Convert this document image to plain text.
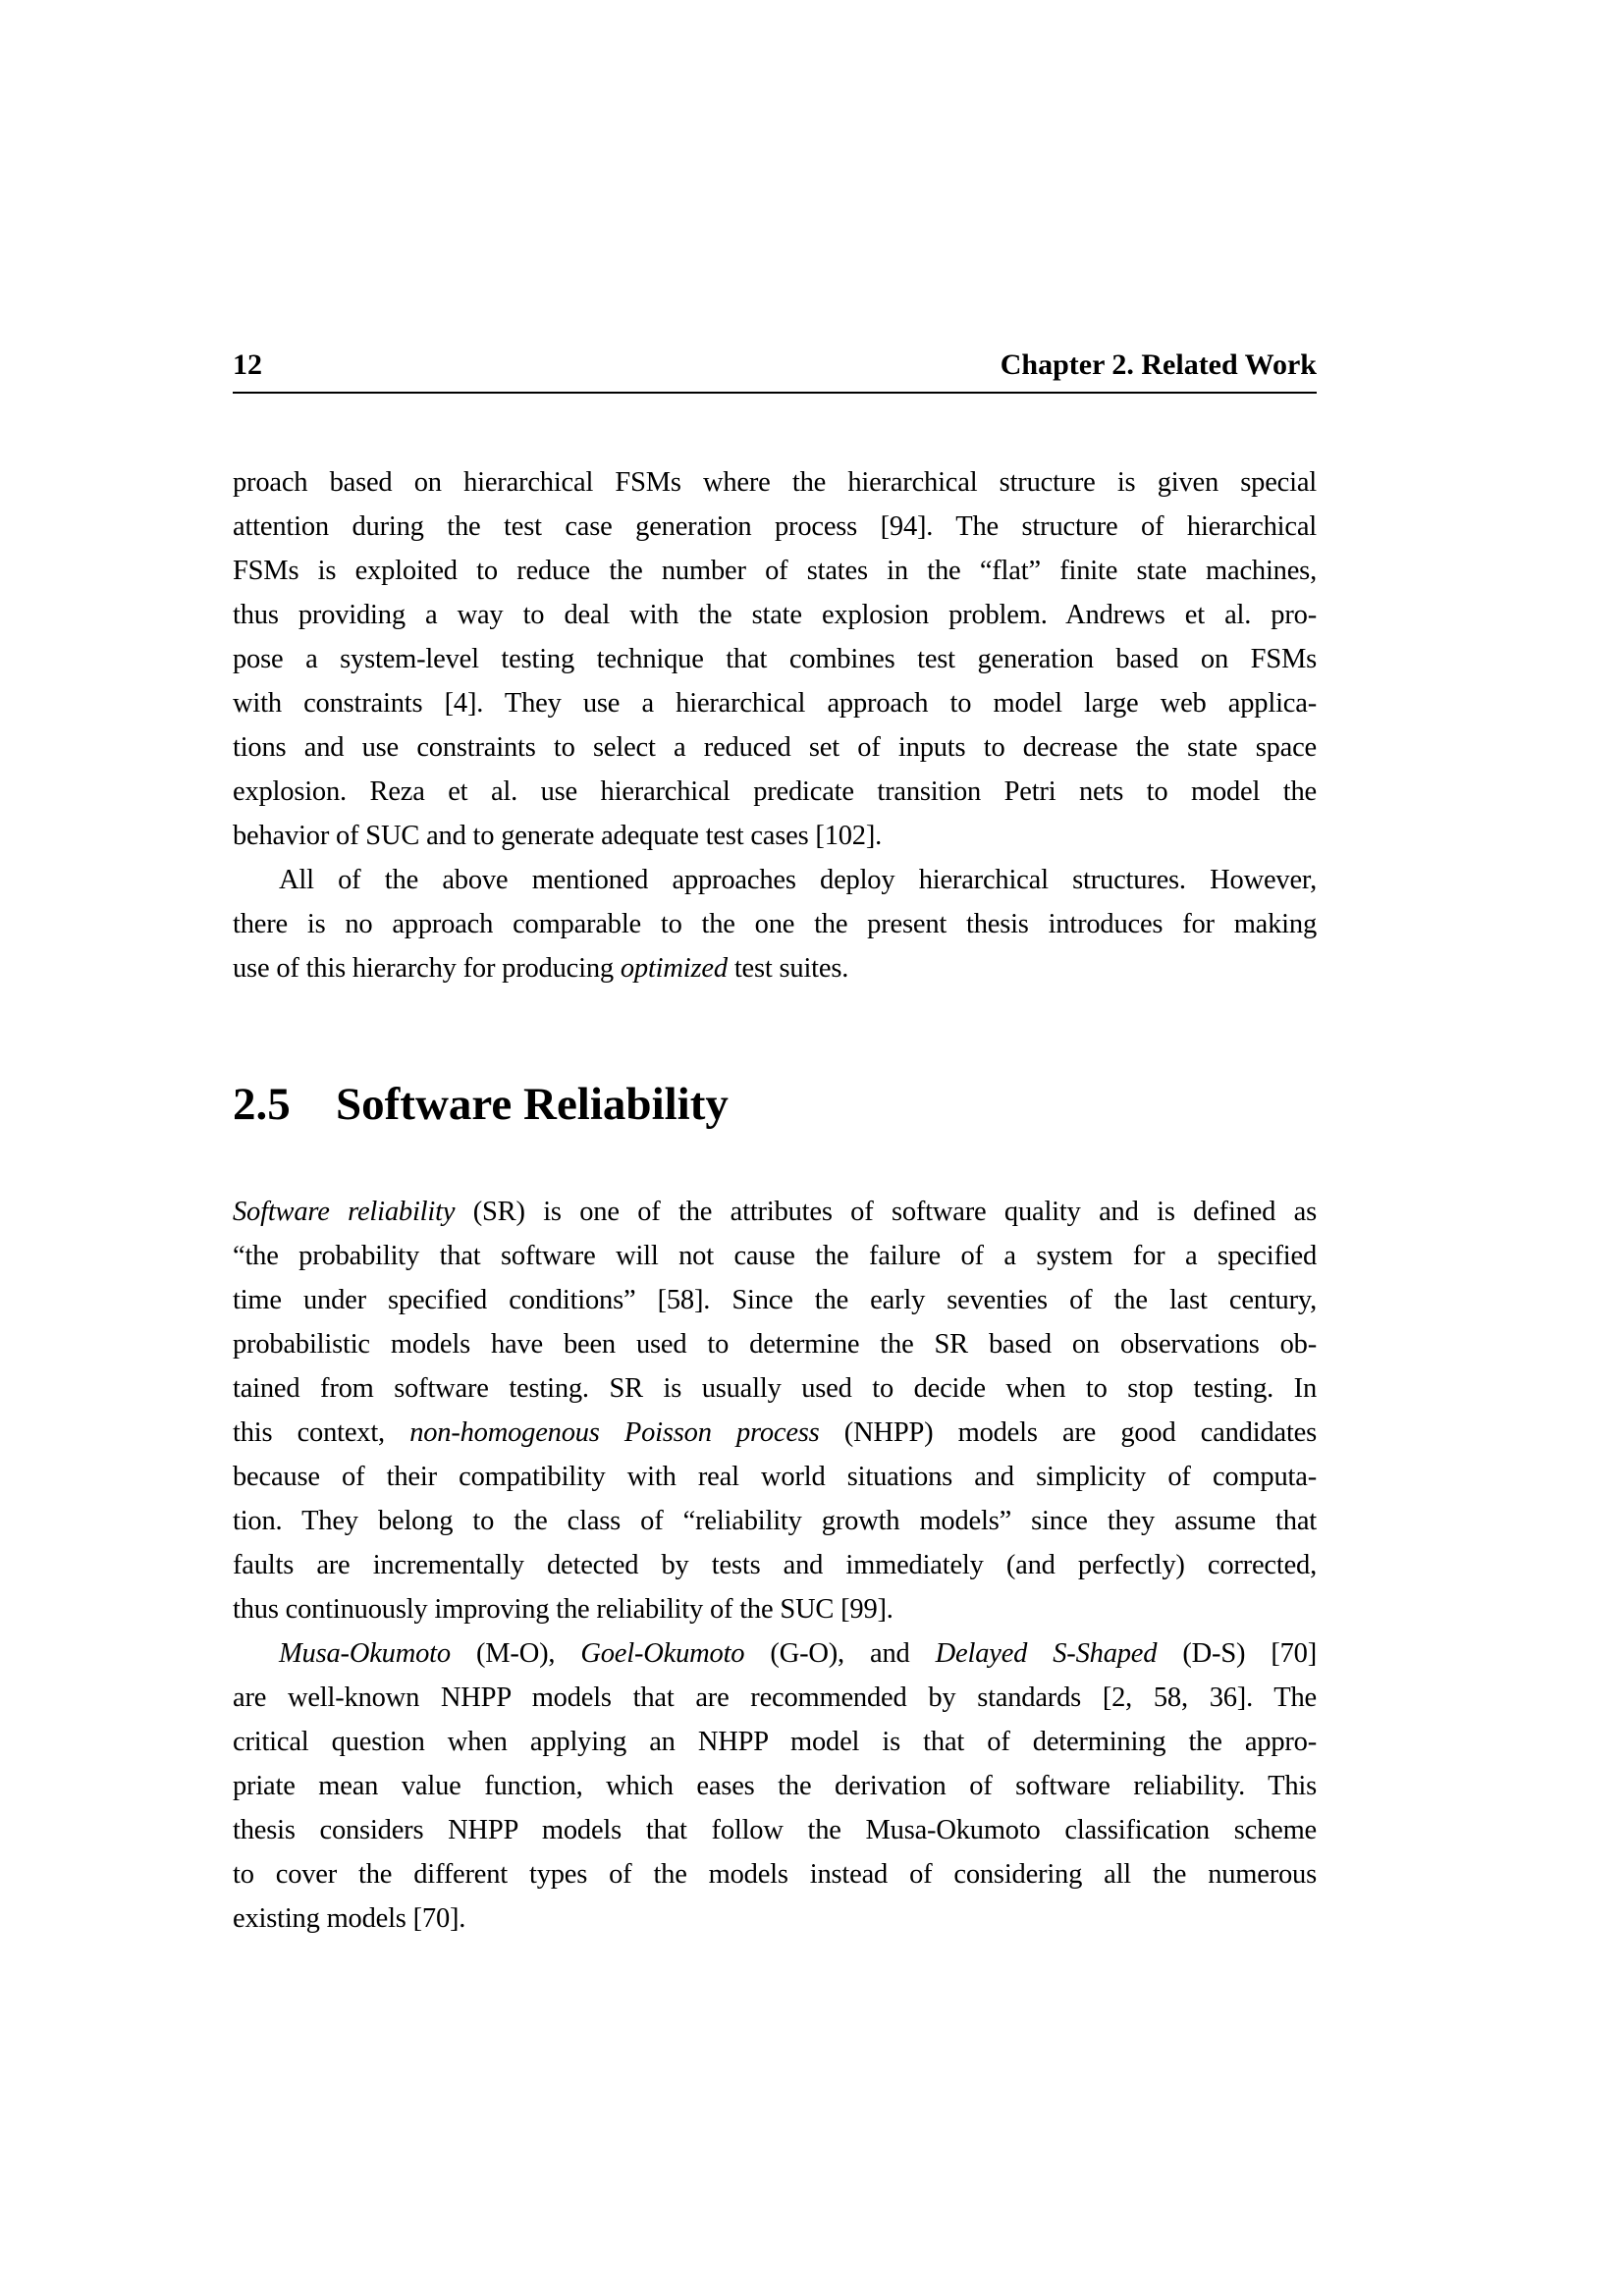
12	Chapter 2. Related Work
proach based on hierarchical FSMs where the hierarchical structure is given special
attention during the test case generation process [94]. The structure of hierarchical
FSMs is exploited to reduce the number of states in the “flat” finite state machines,
thus providing a way to deal with the state explosion problem. Andrews et al. pro-
pose a system-level testing technique that combines test generation based on FSMs
with constraints [4]. They use a hierarchical approach to model large web applica-
tions and use constraints to select a reduced set of inputs to decrease the state space
explosion. Reza et al. use hierarchical predicate transition Petri nets to model the
behavior of SUC and to generate adequate test cases [102].
All of the above mentioned approaches deploy hierarchical structures. However,
there is no approach comparable to the one the present thesis introduces for making
use of this hierarchy for producing optimized test suites.
2.5 Software Reliability
Software reliability (SR) is one of the attributes of software quality and is defined as
“the probability that software will not cause the failure of a system for a specified
time under specified conditions” [58]. Since the early seventies of the last century,
probabilistic models have been used to determine the SR based on observations ob-
tained from software testing. SR is usually used to decide when to stop testing. In
this context, non-homogenous Poisson process (NHPP) models are good candidates
because of their compatibility with real world situations and simplicity of computa-
tion. They belong to the class of “reliability growth models” since they assume that
faults are incrementally detected by tests and immediately (and perfectly) corrected,
thus continuously improving the reliability of the SUC [99].
Musa-Okumoto (M-O), Goel-Okumoto (G-O), and Delayed S-Shaped (D-S) [70]
are well-known NHPP models that are recommended by standards [2, 58, 36]. The
critical question when applying an NHPP model is that of determining the appro-
priate mean value function, which eases the derivation of software reliability. This
thesis considers NHPP models that follow the Musa-Okumoto classification scheme
to cover the different types of the models instead of considering all the numerous
existing models [70].
